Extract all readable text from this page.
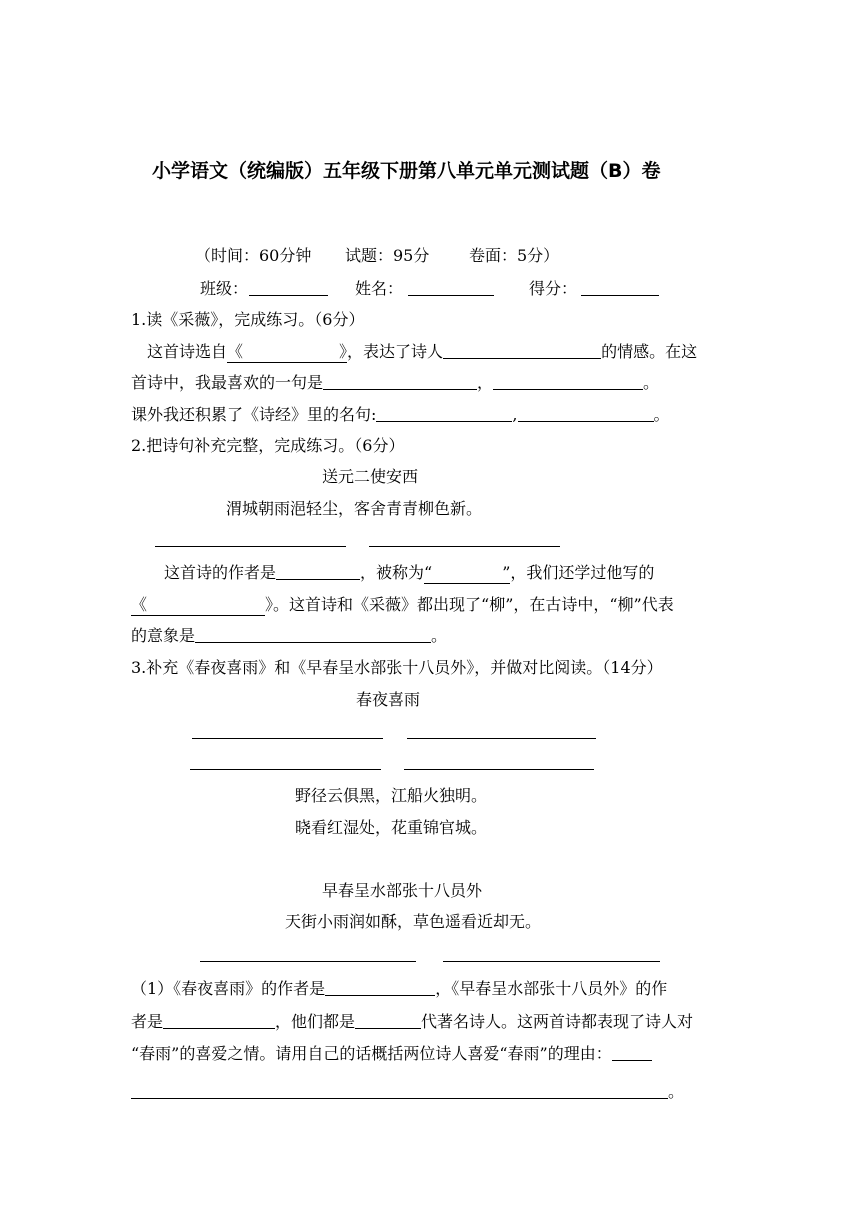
小学语文（统编版）五年级下册第八单元单元测试题（B）卷
（时间：60分钟 试题：95分 卷面：5分）
班级：	姓名：	得分：
1.读《采薇》，完成练习。（6分）
这首诗选自《	》，表达了诗人	的情感。在这
首诗中，我最喜欢的一句是	，	。
课外我还积累了《诗经》里的名句:	,	。
2.把诗句补充完整，完成练习。（6分）
送元二使安西
渭城朝雨浥轻尘，客舍青青柳色新。
这首诗的作者是	，被称为“	”，我们还学过他写的
《	》。这首诗和《采薇》都出现了“柳”，在古诗中，“柳”代表
的意象是	。
3.补充《春夜喜雨》和《早春呈水部张十八员外》，并做对比阅读。（14分）
春夜喜雨
野径云俱黑，江船火独明。
晓看红湿处，花重锦官城。
早春呈水部张十八员外
天街小雨润如酥，草色遥看近却无。
（1）《春夜喜雨》的作者是	，《早春呈水部张十八员外》的作
者是	，他们都是	代著名诗人。这两首诗都表现了诗人对
“春雨”的喜爱之情。请用自己的话概括两位诗人喜爱“春雨”的理由：
。
